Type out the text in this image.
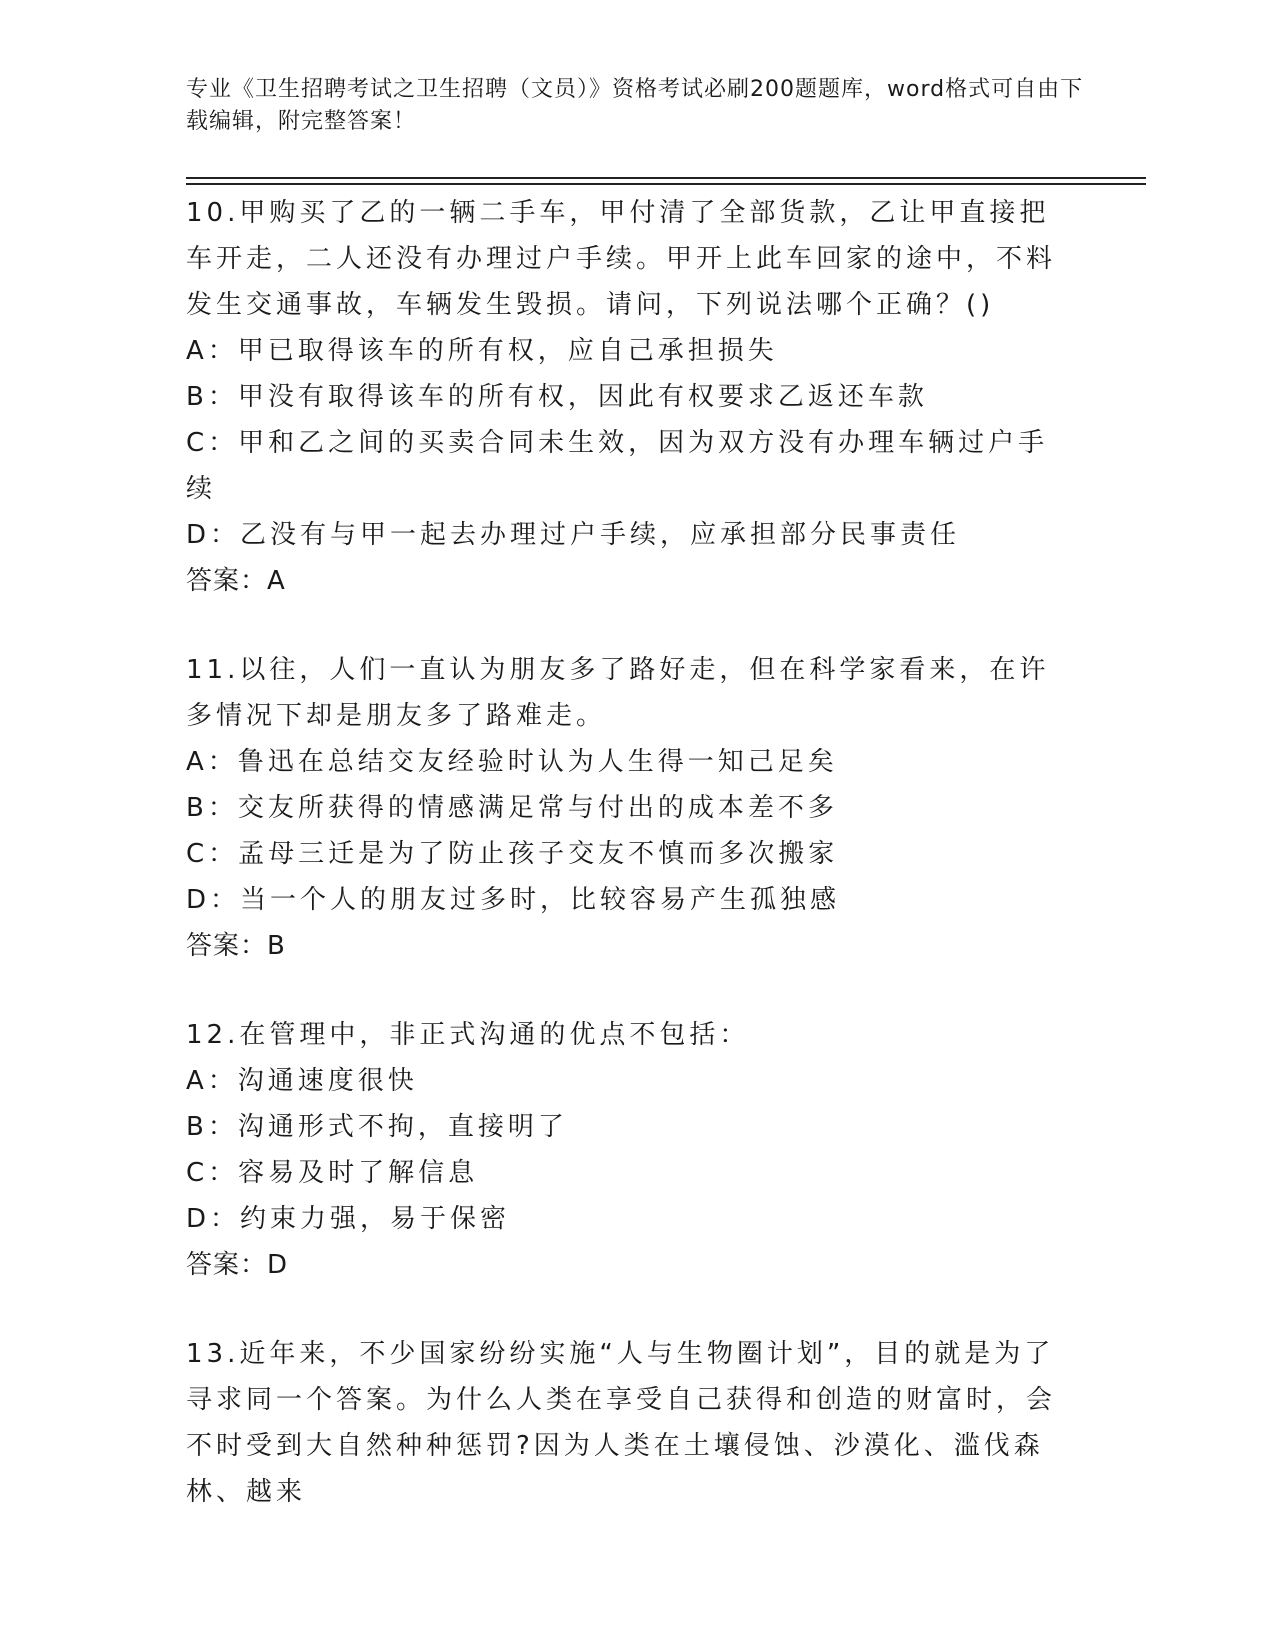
专业《卫生招聘考试之卫生招聘（文员）》资格考试必刷200题题库，word格式可自由下载编辑，附完整答案！

10.甲购买了乙的一辆二手车，甲付清了全部货款，乙让甲直接把车开走，二人还没有办理过户手续。甲开上此车回家的途中，不料发生交通事故，车辆发生毁损。请问，下列说法哪个正确？()

A：甲已取得该车的所有权，应自己承担损失

B：甲没有取得该车的所有权，因此有权要求乙返还车款

C：甲和乙之间的买卖合同未生效，因为双方没有办理车辆过户手续

D：乙没有与甲一起去办理过户手续，应承担部分民事责任

答案：A

11.以往，人们一直认为朋友多了路好走，但在科学家看来，在许多情况下却是朋友多了路难走。

A：鲁迅在总结交友经验时认为人生得一知己足矣

B：交友所获得的情感满足常与付出的成本差不多

C：孟母三迁是为了防止孩子交友不慎而多次搬家

D：当一个人的朋友过多时，比较容易产生孤独感

答案：B

12.在管理中，非正式沟通的优点不包括：

A：沟通速度很快

B：沟通形式不拘，直接明了

C：容易及时了解信息

D：约束力强，易于保密

答案：D

13.近年来，不少国家纷纷实施“人与生物圈计划”，目的就是为了寻求同一个答案。为什么人类在享受自己获得和创造的财富时，会不时受到大自然种种惩罚?因为人类在土壤侵蚀、沙漠化、滥伐森林、越来
